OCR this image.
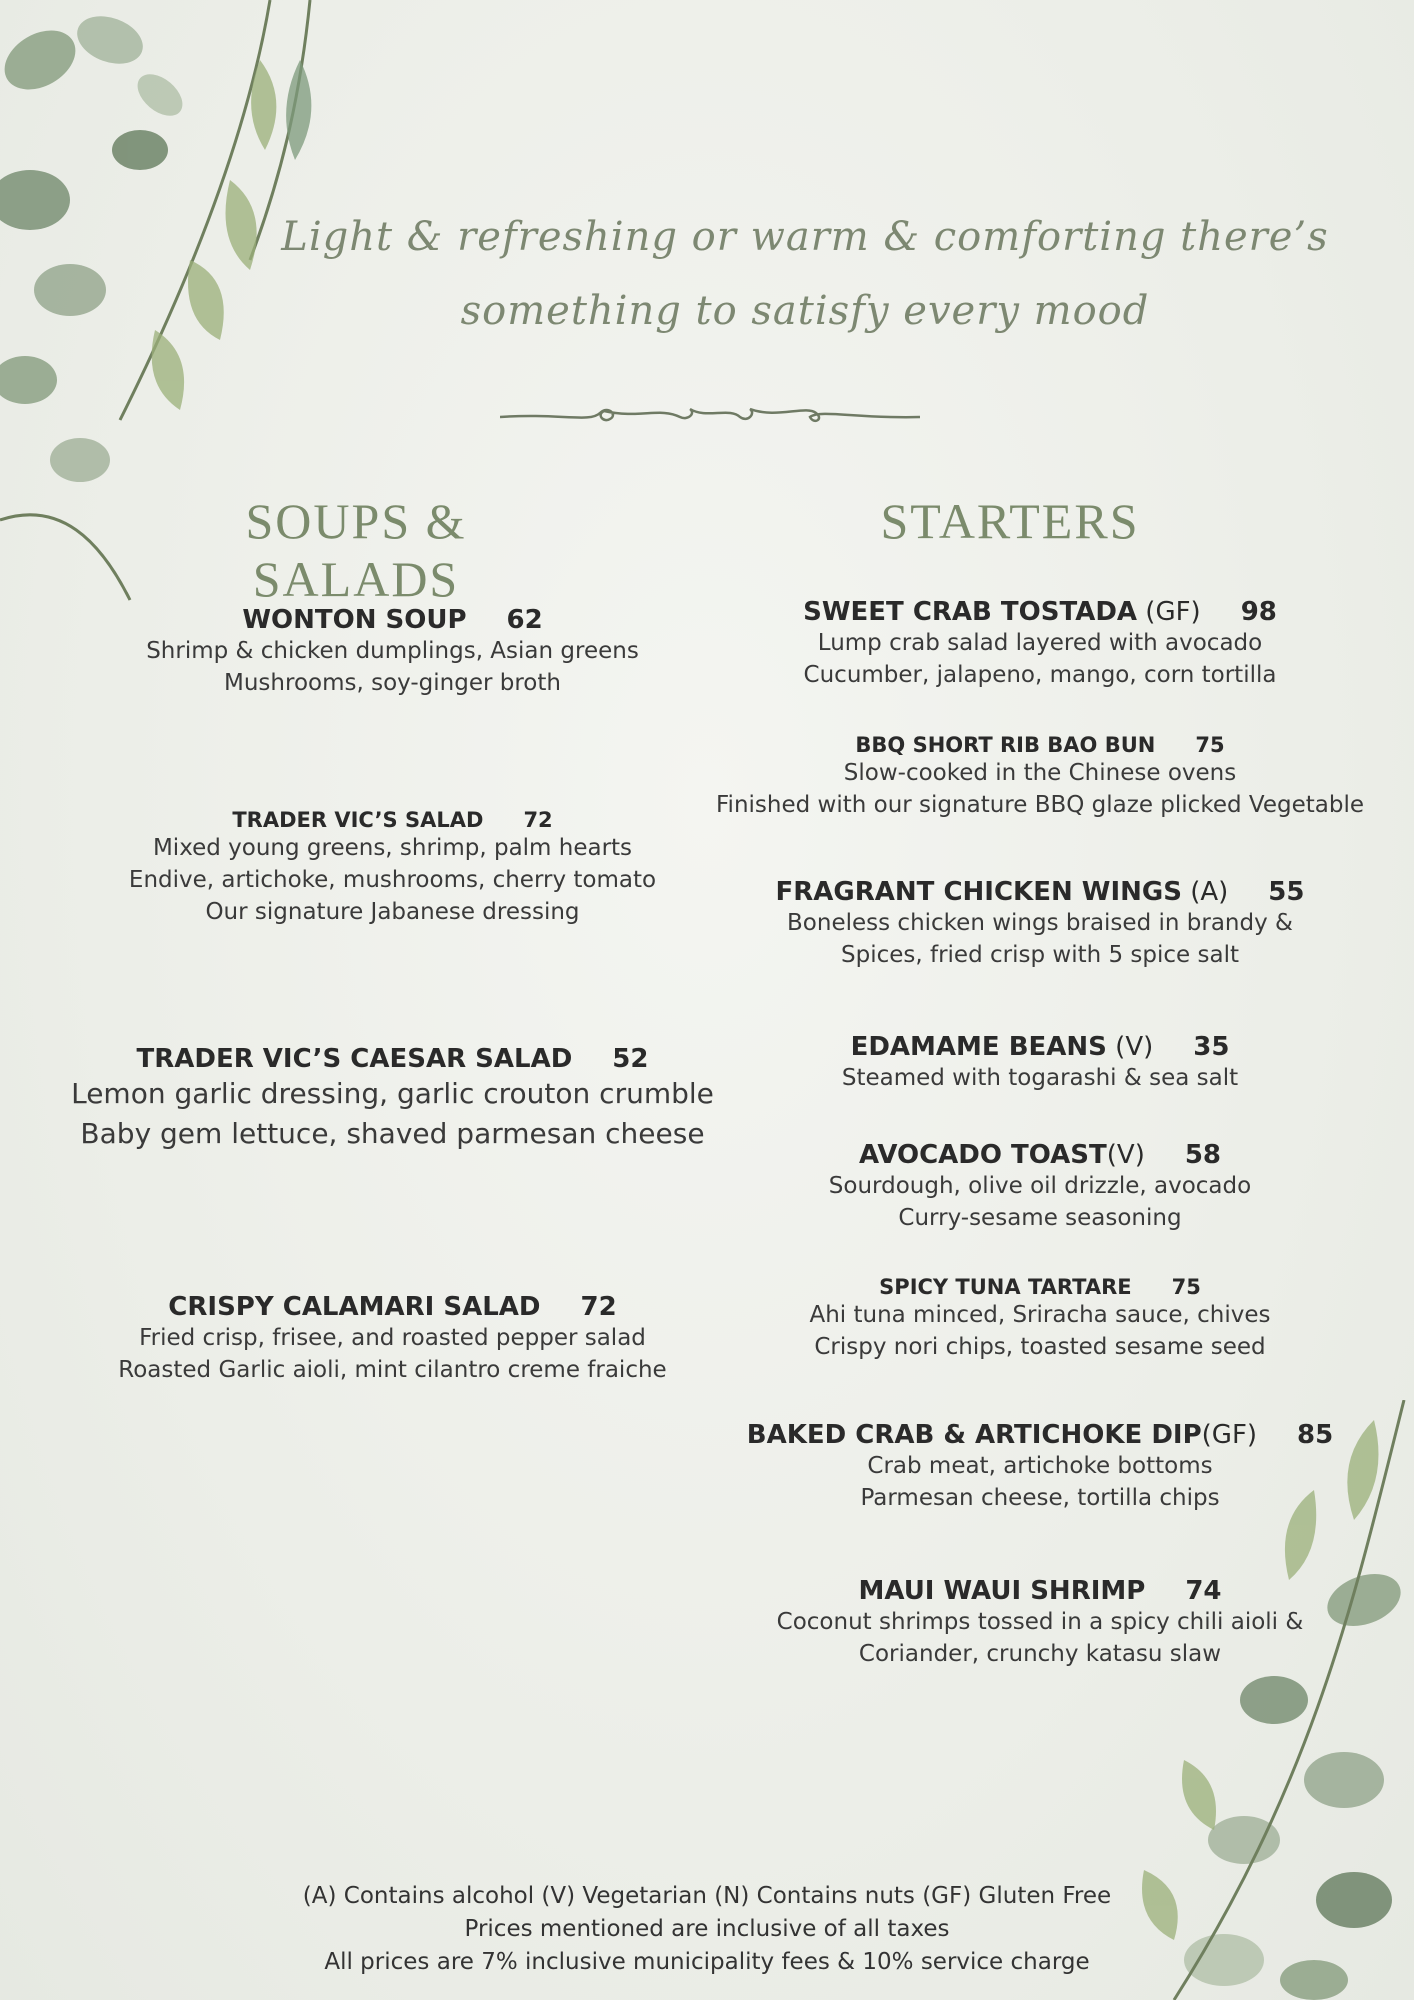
Light & refreshing or warm & comforting there’s
something to satisfy every mood
SOUPS & SALADS
STARTERS
WONTON SOUP 62
Shrimp & chicken dumplings, Asian greens
Mushrooms, soy-ginger broth
TRADER VIC’S SALAD 72
Mixed young greens, shrimp, palm hearts
Endive, artichoke, mushrooms, cherry tomato
Our signature Jabanese dressing
TRADER VIC’S CAESAR SALAD 52
Lemon garlic dressing, garlic crouton crumble
Baby gem lettuce, shaved parmesan cheese
CRISPY CALAMARI SALAD 72
Fried crisp, frisee, and roasted pepper salad
Roasted Garlic aioli, mint cilantro creme fraiche
SWEET CRAB TOSTADA (GF) 98
Lump crab salad layered with avocado
Cucumber, jalapeno, mango, corn tortilla
BBQ SHORT RIB BAO BUN 75
Slow-cooked in the Chinese ovens
Finished with our signature BBQ glaze plicked Vegetable
FRAGRANT CHICKEN WINGS (A) 55
Boneless chicken wings braised in brandy &
Spices, fried crisp with 5 spice salt
EDAMAME BEANS (V) 35
Steamed with togarashi & sea salt
AVOCADO TOAST(V) 58
Sourdough, olive oil drizzle, avocado
Curry-sesame seasoning
SPICY TUNA TARTARE 75
Ahi tuna minced, Sriracha sauce, chives
Crispy nori chips, toasted sesame seed
BAKED CRAB & ARTICHOKE DIP(GF) 85
Crab meat, artichoke bottoms
Parmesan cheese, tortilla chips
MAUI WAUI SHRIMP 74
Coconut shrimps tossed in a spicy chili aioli &
Coriander, crunchy katasu slaw
(A) Contains alcohol (V) Vegetarian (N) Contains nuts (GF) Gluten Free
Prices mentioned are inclusive of all taxes
All prices are 7% inclusive municipality fees & 10% service charge
